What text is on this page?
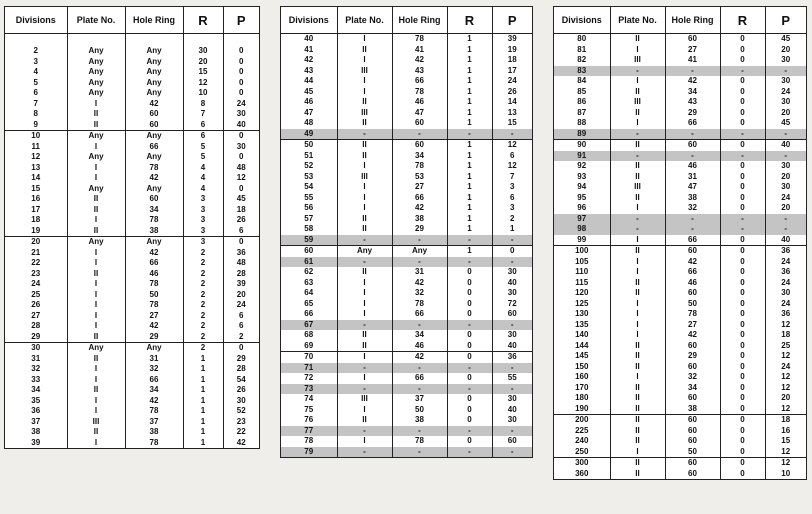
Divisions	Plate No.	Hole Ring	R	P

2	Any	Any	30	0
3	Any	Any	20	0
4	Any	Any	15	0
5	Any	Any	12	0
6	Any	Any	10	0
7	I	42	8	24
8	II	60	7	30
9	II	60	6	40
10	Any	Any	6	0
11	I	66	5	30
12	Any	Any	5	0
13	I	78	4	48
14	I	42	4	12
15	Any	Any	4	0
16	II	60	3	45
17	II	34	3	18
18	I	78	3	26
19	II	38	3	6
20	Any	Any	3	0
21	I	42	2	36
22	I	66	2	48
23	II	46	2	28
24	I	78	2	39
25	I	50	2	20
26	I	78	2	24
27	I	27	2	6
28	I	42	2	6
29	II	29	2	2
30	Any	Any	2	0
31	II	31	1	29
32	I	32	1	28
33	I	66	1	54
34	II	34	1	26
35	I	42	1	30
36	I	78	1	52
37	III	37	1	23
38	II	38	1	22
39	I	78	1	42
Divisions	Plate No.	Hole Ring	R	P
40	I	78	1	39
41	II	41	1	19
42	I	42	1	18
43	III	43	1	17
44	I	66	1	24
45	I	78	1	26
46	II	46	1	14
47	III	47	1	13
48	II	60	1	15
49	-	-	-	-
50	II	60	1	12
51	II	34	1	6
52	I	78	1	12
53	III	53	1	7
54	I	27	1	3
55	I	66	1	6
56	I	42	1	3
57	II	38	1	2
58	II	29	1	1
59	-	-	-	-
60	Any	Any	1	0
61	-	-	-	-
62	II	31	0	30
63	I	42	0	40
64	I	32	0	30
65	I	78	0	72
66	I	66	0	60
67	-	-	-	-
68	II	34	0	30
69	II	46	0	40
70	I	42	0	36
71	-	-	-	-
72	I	66	0	55
73	-	-	-	-
74	III	37	0	30
75	I	50	0	40
76	II	38	0	30
77	-	-	-	-
78	I	78	0	60
79	-	-	-	-
Divisions	Plate No.	Hole Ring	R	P
80	II	60	0	45
81	I	27	0	20
82	III	41	0	30
83	-	-	-	-
84	I	42	0	30
85	II	34	0	24
86	III	43	0	30
87	II	29	0	20
88	I	66	0	45
89	-	-	-	-
90	II	60	0	40
91	-	-	-	-
92	II	46	0	30
93	II	31	0	20
94	III	47	0	30
95	II	38	0	24
96	I	32	0	20
97	-	-	-	-
98	-	-	-	-
99	I	66	0	40
100	II	60	0	36
105	I	42	0	24
110	I	66	0	36
115	II	46	0	24
120	II	60	0	30
125	I	50	0	24
130	I	78	0	36
135	I	27	0	12
140	I	42	0	18
144	II	60	0	25
145	II	29	0	12
150	II	60	0	24
160	I	32	0	12
170	II	34	0	12
180	II	60	0	20
190	II	38	0	12
200	II	60	0	18
225	II	60	0	16
240	II	60	0	15
250	I	50	0	12
300	II	60	0	12
360	II	60	0	10
